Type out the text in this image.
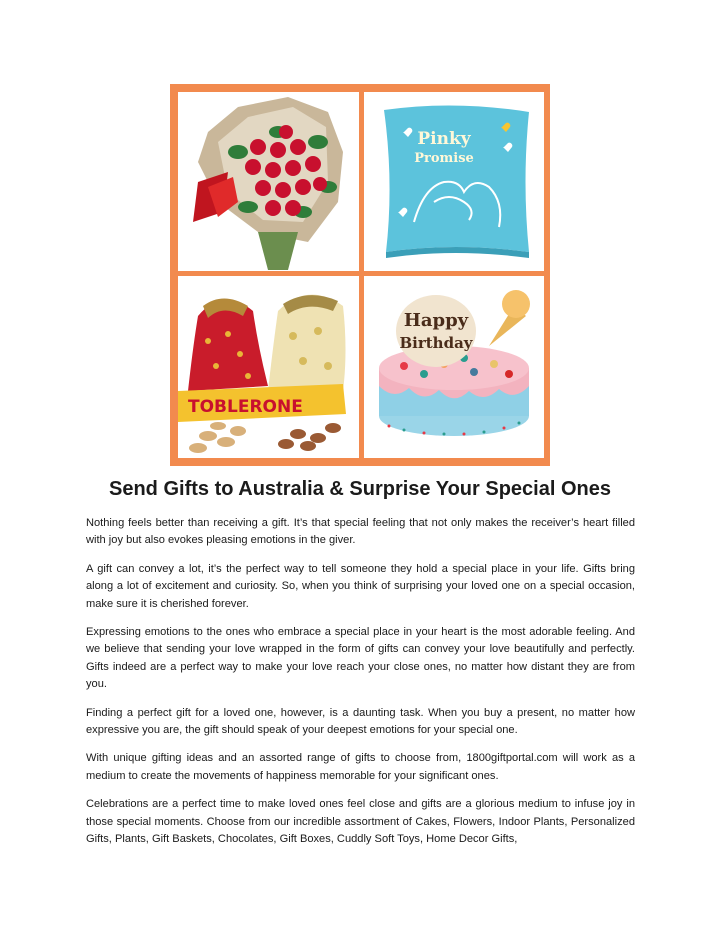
Pinky
Promise
TOBLERONE
Happy
Birthday
Send Gifts to Australia & Surprise Your Special Ones

Nothing feels better than receiving a gift. It’s that special feeling that not only makes the receiver’s heart filled with joy but also evokes pleasing emotions in the giver.

A gift can convey a lot, it’s the perfect way to tell someone they hold a special place in your life. Gifts bring along a lot of excitement and curiosity. So, when you think of surprising your loved one on a special occasion, make sure it is cherished forever.

Expressing emotions to the ones who embrace a special place in your heart is the most adorable feeling. And we believe that sending your love wrapped in the form of gifts can convey your love beautifully and perfectly. Gifts indeed are a perfect way to make your love reach your close ones, no matter how distant they are from you.

Finding a perfect gift for a loved one, however, is a daunting task. When you buy a present, no matter how expressive you are, the gift should speak of your deepest emotions for your special one.

With unique gifting ideas and an assorted range of gifts to choose from, 1800giftportal.com will work as a medium to create the movements of happiness memorable for your significant ones.

Celebrations are a perfect time to make loved ones feel close and gifts are a glorious medium to infuse joy in those special moments. Choose from our incredible assortment of Cakes, Flowers, Indoor Plants, Personalized Gifts, Plants, Gift Baskets, Chocolates, Gift Boxes, Cuddly Soft Toys, Home Decor Gifts,
